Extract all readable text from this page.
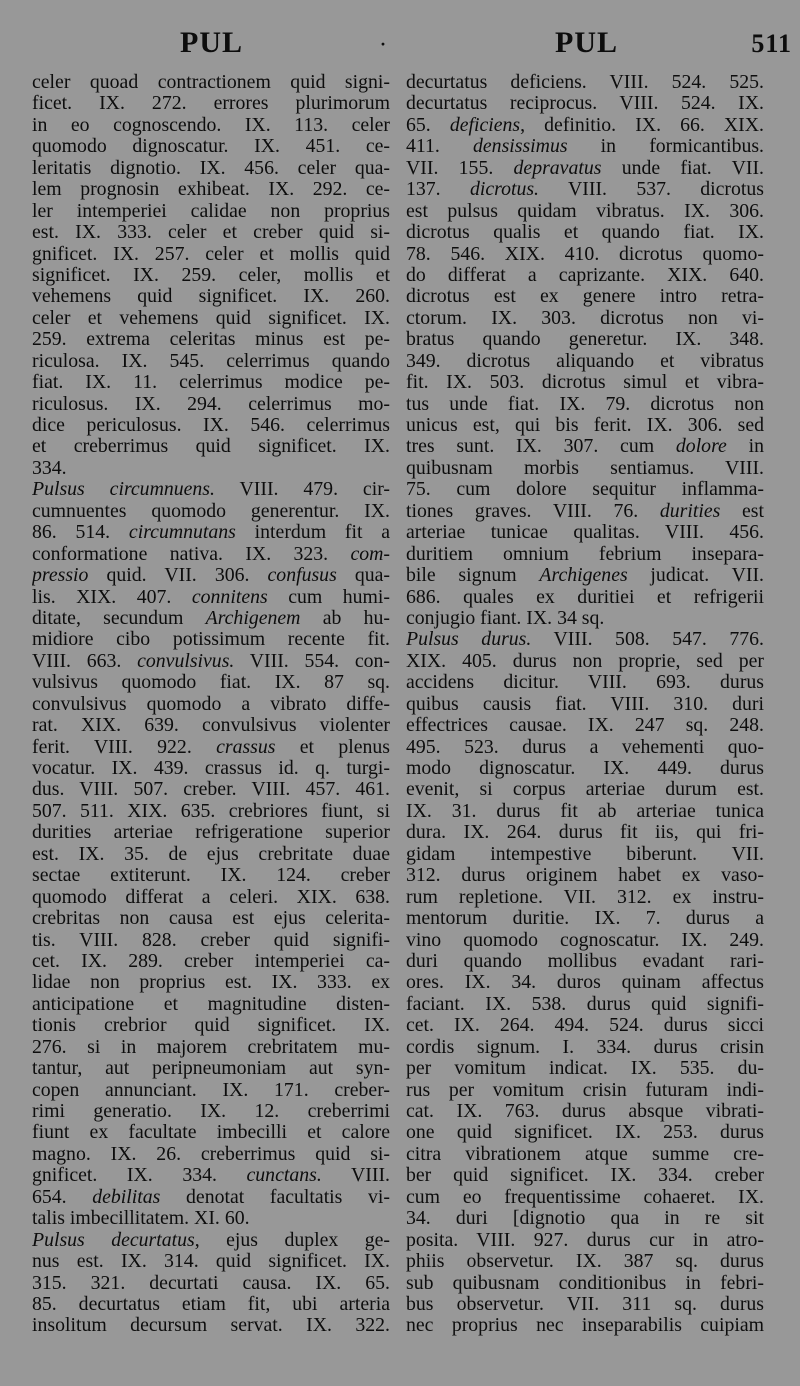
PUL	·	PUL	511
celer quoad contractionem quid signi-
ficet. IX. 272. errores plurimorum
in eo cognoscendo. IX. 113. celer
quomodo dignoscatur. IX. 451. ce-
leritatis dignotio. IX. 456. celer qua-
lem prognosin exhibeat. IX. 292. ce-
ler intemperiei calidae non proprius
est. IX. 333. celer et creber quid si-
gnificet. IX. 257. celer et mollis quid
significet. IX. 259. celer, mollis et
vehemens quid significet. IX. 260.
celer et vehemens quid significet. IX.
259. extrema celeritas minus est pe-
riculosa. IX. 545. celerrimus quando
fiat. IX. 11. celerrimus modice pe-
riculosus. IX. 294. celerrimus mo-
dice periculosus. IX. 546. celerrimus
et creberrimus quid significet. IX.
334.
Pulsus circumnuens. VIII. 479. cir-
cumnuentes quomodo generentur. IX.
86. 514. circumnutans interdum fit a
conformatione nativa. IX. 323. com-
pressio quid. VII. 306. confusus qua-
lis. XIX. 407. connitens cum humi-
ditate, secundum Archigenem ab hu-
midiore cibo potissimum recente fit.
VIII. 663. convulsivus. VIII. 554. con-
vulsivus quomodo fiat. IX. 87 sq.
convulsivus quomodo a vibrato diffe-
rat. XIX. 639. convulsivus violenter
ferit. VIII. 922. crassus et plenus
vocatur. IX. 439. crassus id. q. turgi-
dus. VIII. 507. creber. VIII. 457. 461.
507. 511. XIX. 635. crebriores fiunt, si
durities arteriae refrigeratione superior
est. IX. 35. de ejus crebritate duae
sectae extiterunt. IX. 124. creber
quomodo differat a celeri. XIX. 638.
crebritas non causa est ejus celerita-
tis. VIII. 828. creber quid signifi-
cet. IX. 289. creber intemperiei ca-
lidae non proprius est. IX. 333. ex
anticipatione et magnitudine disten-
tionis crebrior quid significet. IX.
276. si in majorem crebritatem mu-
tantur, aut peripneumoniam aut syn-
copen annunciant. IX. 171. creber-
rimi generatio. IX. 12. creberrimi
fiunt ex facultate imbecilli et calore
magno. IX. 26. creberrimus quid si-
gnificet. IX. 334. cunctans. VIII.
654. debilitas denotat facultatis vi-
talis imbecillitatem. XI. 60.
Pulsus decurtatus, ejus duplex ge-
nus est. IX. 314. quid significet. IX.
315. 321. decurtati causa. IX. 65.
85. decurtatus etiam fit, ubi arteria
insolitum decursum servat. IX. 322.
decurtatus deficiens. VIII. 524. 525.
decurtatus reciprocus. VIII. 524. IX.
65. deficiens, definitio. IX. 66. XIX.
411. densissimus in formicantibus.
VII. 155. depravatus unde fiat. VII.
137. dicrotus. VIII. 537. dicrotus
est pulsus quidam vibratus. IX. 306.
dicrotus qualis et quando fiat. IX.
78. 546. XIX. 410. dicrotus quomo-
do differat a caprizante. XIX. 640.
dicrotus est ex genere intro retra-
ctorum. IX. 303. dicrotus non vi-
bratus quando generetur. IX. 348.
349. dicrotus aliquando et vibratus
fit. IX. 503. dicrotus simul et vibra-
tus unde fiat. IX. 79. dicrotus non
unicus est, qui bis ferit. IX. 306. sed
tres sunt. IX. 307. cum dolore in
quibusnam morbis sentiamus. VIII.
75. cum dolore sequitur inflamma-
tiones graves. VIII. 76. durities est
arteriae tunicae qualitas. VIII. 456.
duritiem omnium febrium insepara-
bile signum Archigenes judicat. VII.
686. quales ex duritiei et refrigerii
conjugio fiant. IX. 34 sq.
Pulsus durus. VIII. 508. 547. 776.
XIX. 405. durus non proprie, sed per
accidens dicitur. VIII. 693. durus
quibus causis fiat. VIII. 310. duri
effectrices causae. IX. 247 sq. 248.
495. 523. durus a vehementi quo-
modo dignoscatur. IX. 449. durus
evenit, si corpus arteriae durum est.
IX. 31. durus fit ab arteriae tunica
dura. IX. 264. durus fit iis, qui fri-
gidam intempestive biberunt. VII.
312. durus originem habet ex vaso-
rum repletione. VII. 312. ex instru-
mentorum duritie. IX. 7. durus a
vino quomodo cognoscatur. IX. 249.
duri quando mollibus evadant rari-
ores. IX. 34. duros quinam affectus
faciant. IX. 538. durus quid signifi-
cet. IX. 264. 494. 524. durus sicci
cordis signum. I. 334. durus crisin
per vomitum indicat. IX. 535. du-
rus per vomitum crisin futuram indi-
cat. IX. 763. durus absque vibrati-
one quid significet. IX. 253. durus
citra vibrationem atque summe cre-
ber quid significet. IX. 334. creber
cum eo frequentissime cohaeret. IX.
34. duri [dignotio qua in re sit
posita. VIII. 927. durus cur in atro-
phiis observetur. IX. 387 sq. durus
sub quibusnam conditionibus in febri-
bus observetur. VII. 311 sq. durus
nec proprius nec inseparabilis cuipiam
